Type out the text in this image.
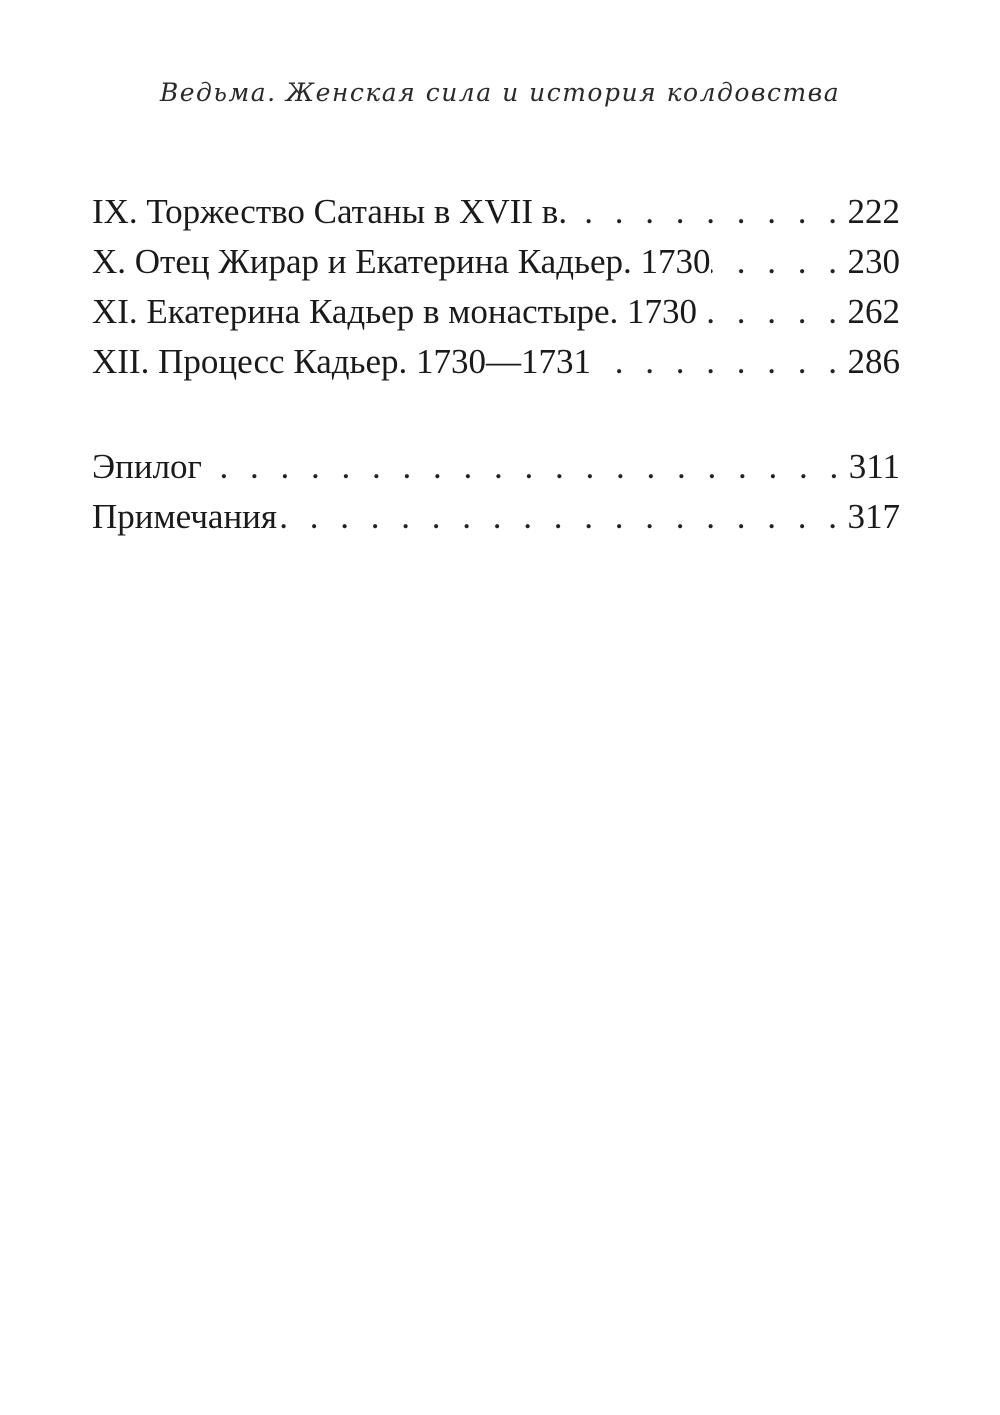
Ведьма. Женская сила и история колдовства
IX. Торжество Сатаны в XVII в. . . .	222
X. Отец Жирар и Екатерина Кадьер. 1730 . . .	230
XI. Екатерина Кадьер в монастыре. 1730 . . .	262
XII. Процесс Кадьер. 1730—1731 . . .	286
Эпилог . . .	311
Примечания . . .	317
